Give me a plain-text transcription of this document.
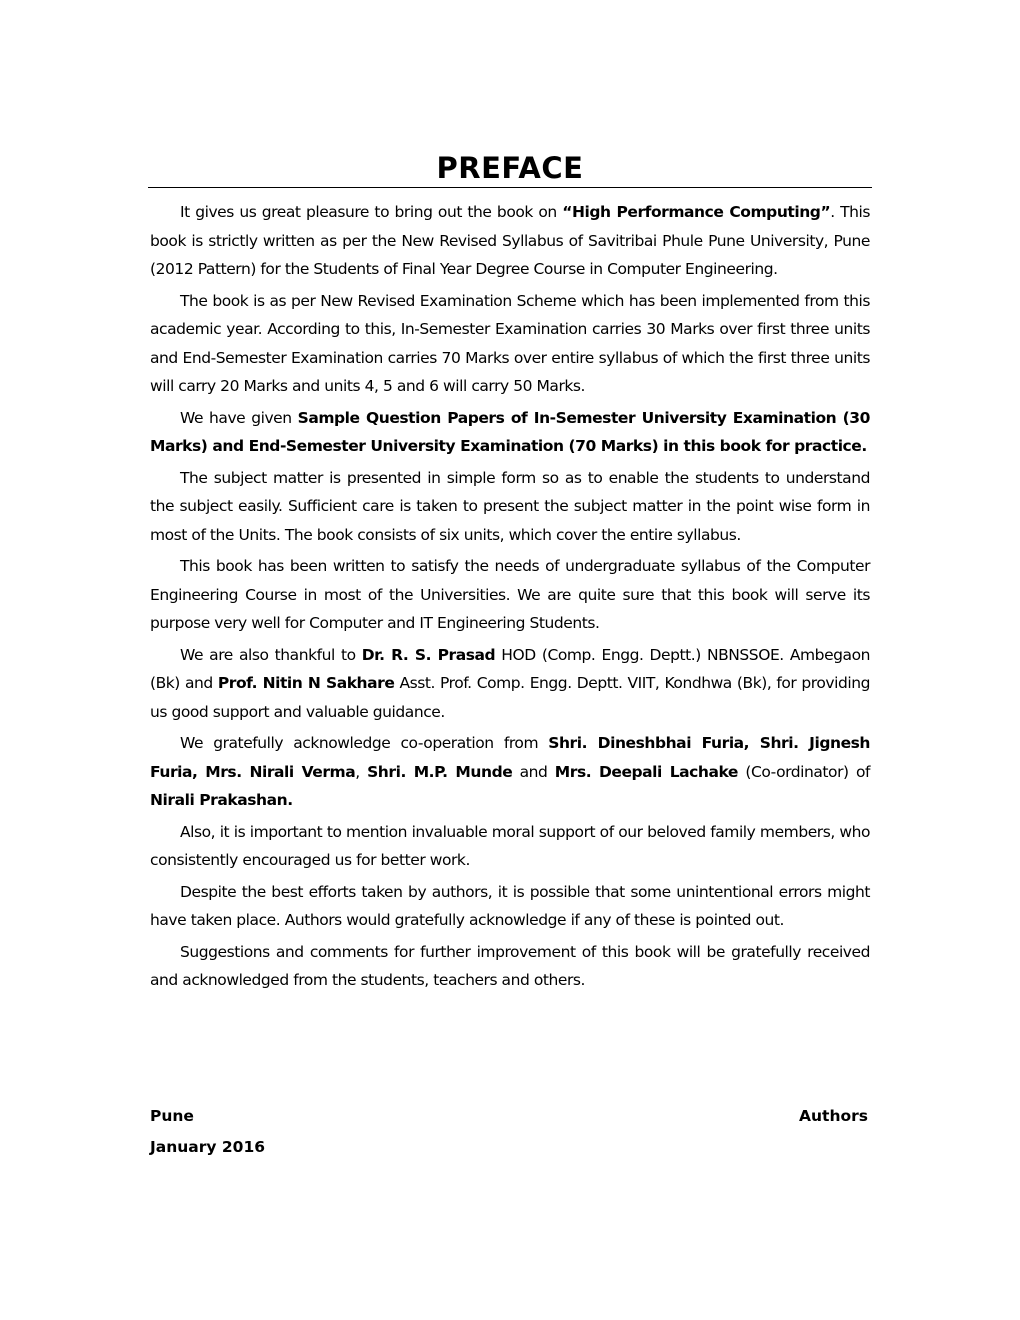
PREFACE

It gives us great pleasure to bring out the book on “High Performance Computing”. This book is strictly written as per the New Revised Syllabus of Savitribai Phule Pune University, Pune (2012 Pattern) for the Students of Final Year Degree Course in Computer Engineering.

The book is as per New Revised Examination Scheme which has been implemented from this academic year. According to this, In-Semester Examination carries 30 Marks over first three units and End-Semester Examination carries 70 Marks over entire syllabus of which the first three units will carry 20 Marks and units 4, 5 and 6 will carry 50 Marks.

We have given Sample Question Papers of In-Semester University Examination (30 Marks) and End-Semester University Examination (70 Marks) in this book for practice.

The subject matter is presented in simple form so as to enable the students to understand the subject easily. Sufficient care is taken to present the subject matter in the point wise form in most of the Units. The book consists of six units, which cover the entire syllabus.

This book has been written to satisfy the needs of undergraduate syllabus of the Computer Engineering Course in most of the Universities. We are quite sure that this book will serve its purpose very well for Computer and IT Engineering Students.

We are also thankful to Dr. R. S. Prasad HOD (Comp. Engg. Deptt.) NBNSSOE. Ambegaon (Bk) and Prof. Nitin N Sakhare Asst. Prof. Comp. Engg. Deptt. VIIT, Kondhwa (Bk), for providing us good support and valuable guidance.

We gratefully acknowledge co-operation from Shri. Dineshbhai Furia, Shri. Jignesh Furia, Mrs. Nirali Verma, Shri. M.P. Munde and Mrs. Deepali Lachake (Co-ordinator) of Nirali Prakashan.

Also, it is important to mention invaluable moral support of our beloved family members, who consistently encouraged us for better work.

Despite the best efforts taken by authors, it is possible that some unintentional errors might have taken place. Authors would gratefully acknowledge if any of these is pointed out.

Suggestions and comments for further improvement of this book will be gratefully received and acknowledged from the students, teachers and others.

Pune	Authors
January 2016
